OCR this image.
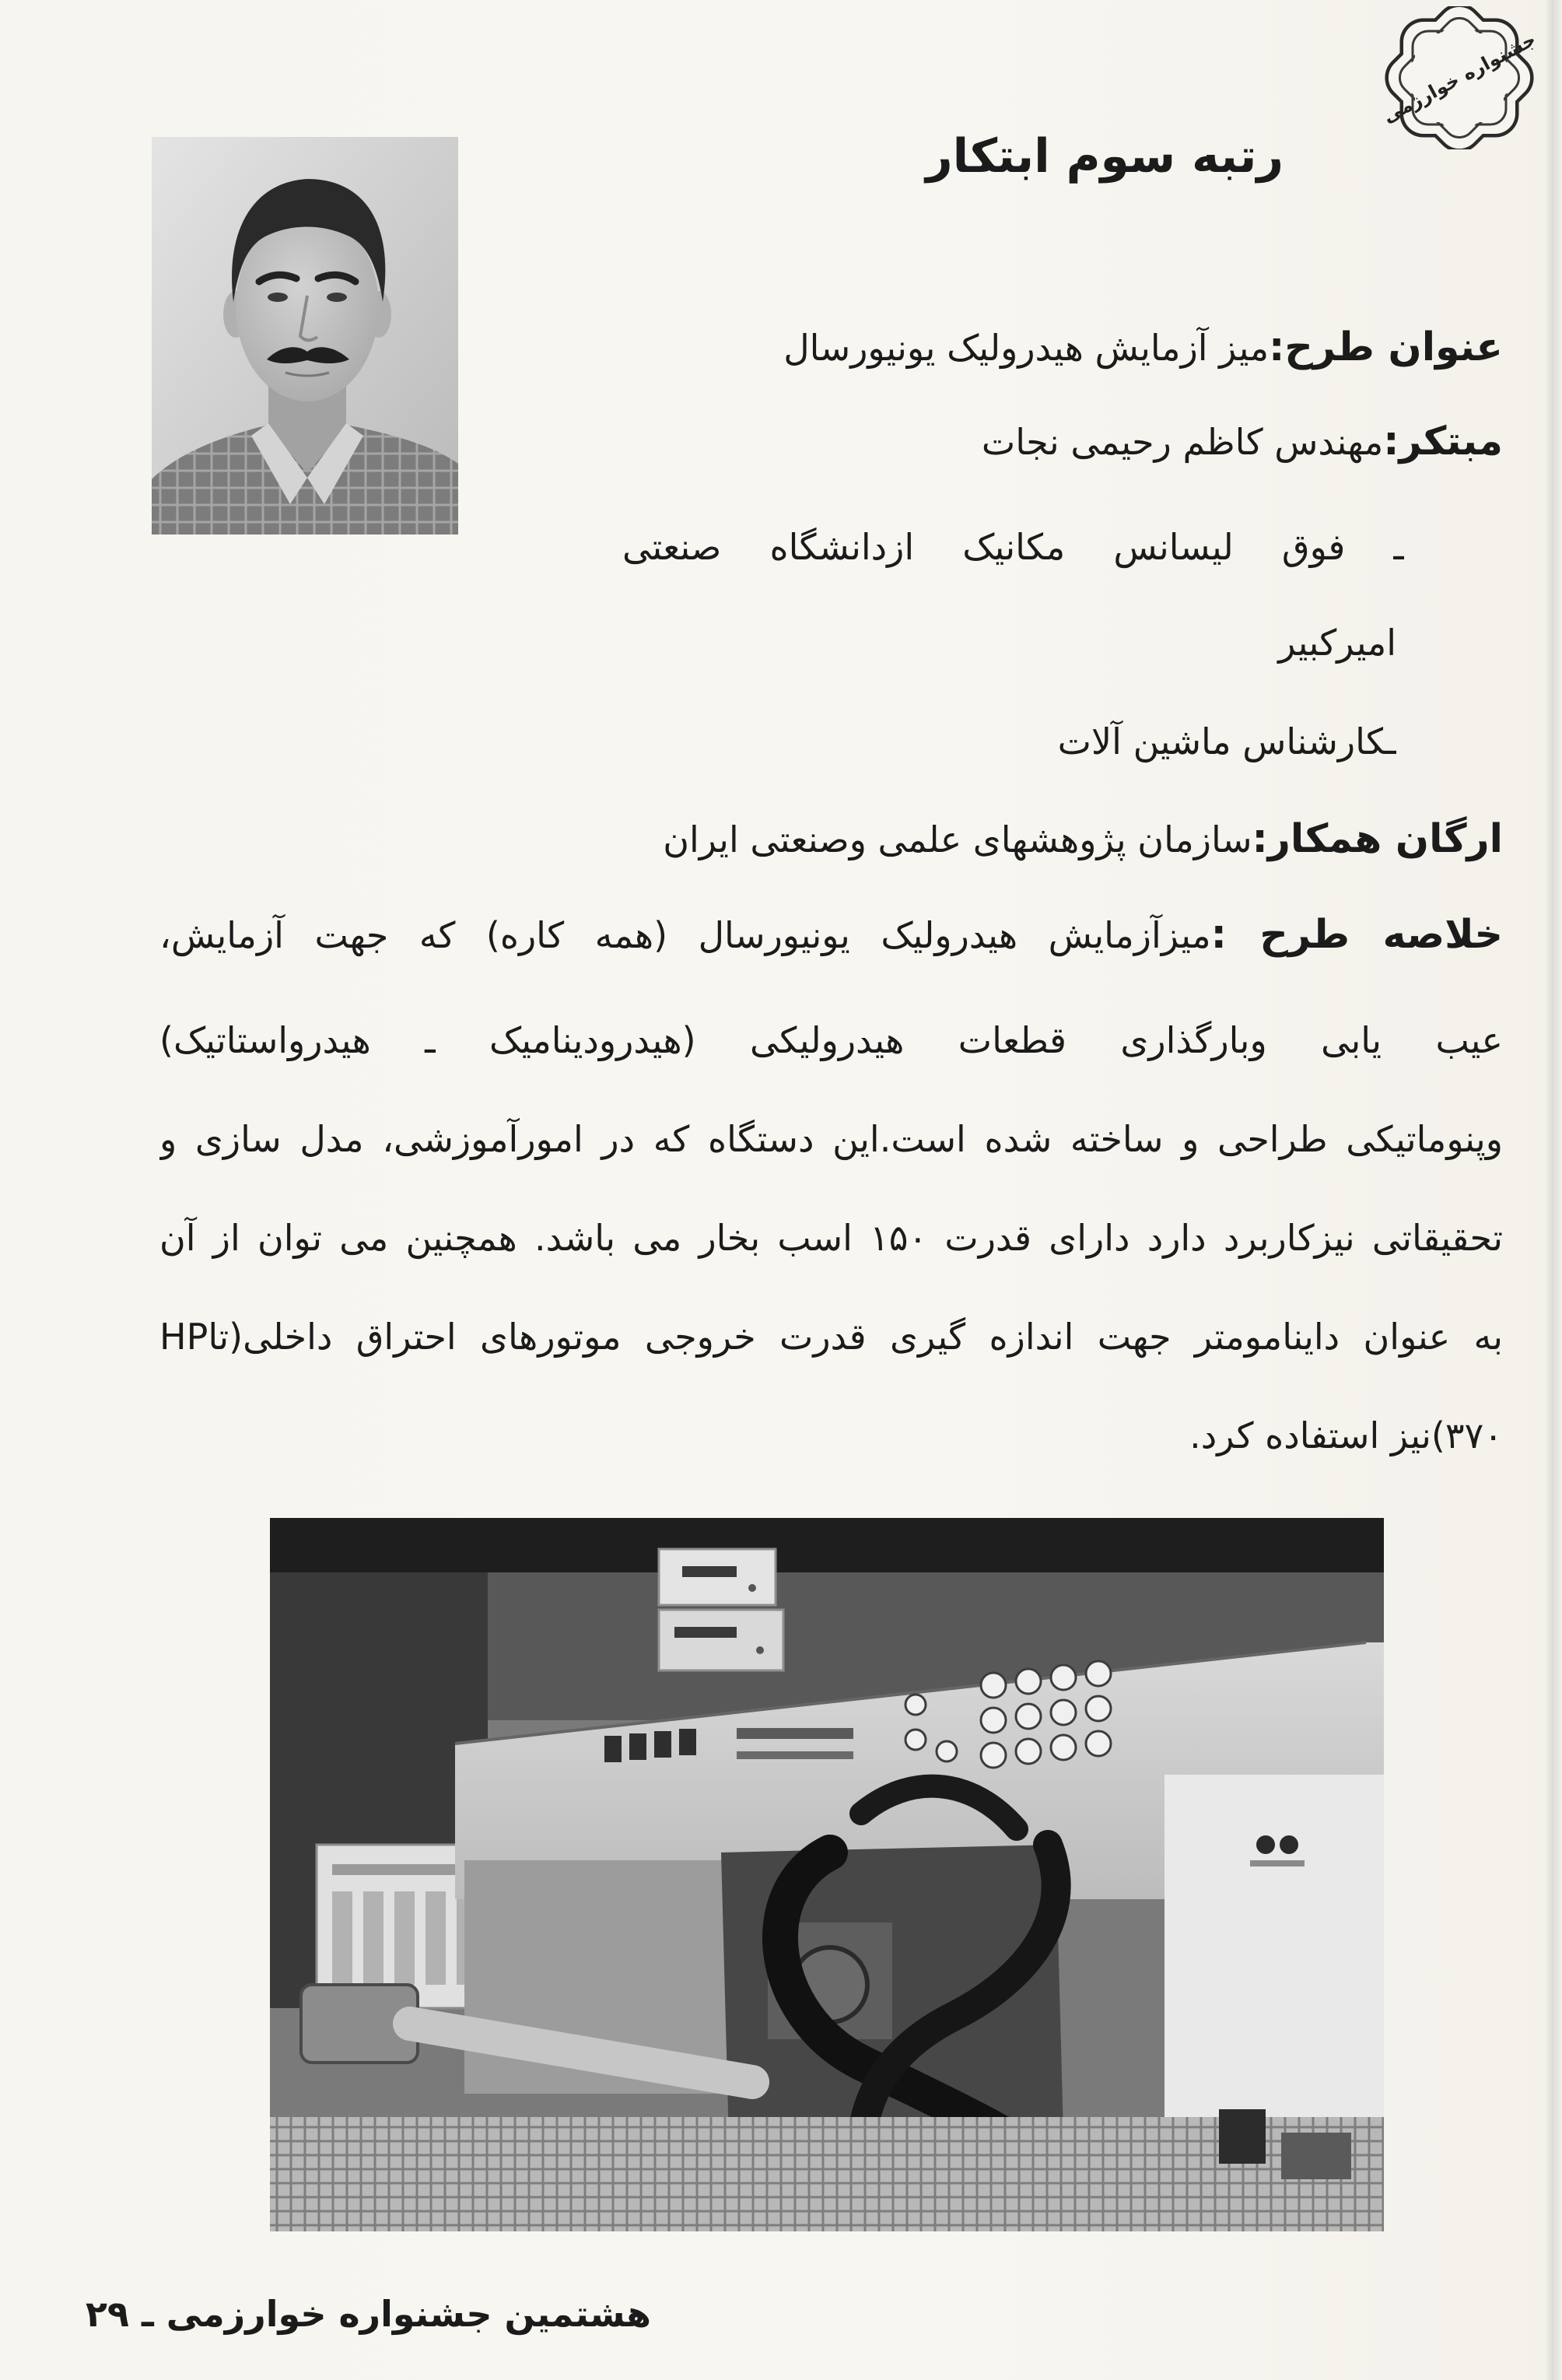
جشنواره خوارزمی
رتبه سوم ابتکار
عنوان طرح:میز آزمایش هیدرولیک یونیورسال
مبتکر:مهندس کاظم رحیمی نجات
ـ فوق لیسانس مکانیک ازدانشگاه صنعتی
امیرکبیر
ـکارشناس ماشین آلات
ارگان همکار:سازمان پژوهشهای علمی وصنعتی ایران
خلاصه طرح :میزآزمایش هیدرولیک یونیورسال (همه کاره) که جهت آزمایش،
عیب یابی وبارگذاری قطعات هیدرولیکی (هیدرودینامیک ـ هیدرواستاتیک)
وپنوماتیکی طراحی و ساخته شده است.این دستگاه که در امورآموزشی، مدل سازی و
تحقیقاتی نیزکاربرد دارد دارای قدرت ۱۵۰ اسب بخار می باشد. همچنین می توان از آن
به عنوان داینامومتر جهت اندازه گیری قدرت خروجی موتورهای احتراق داخلی(تاHP
۳۷۰)نیز استفاده کرد.
هشتمین جشنواره خوارزمی ـ ۲۹
